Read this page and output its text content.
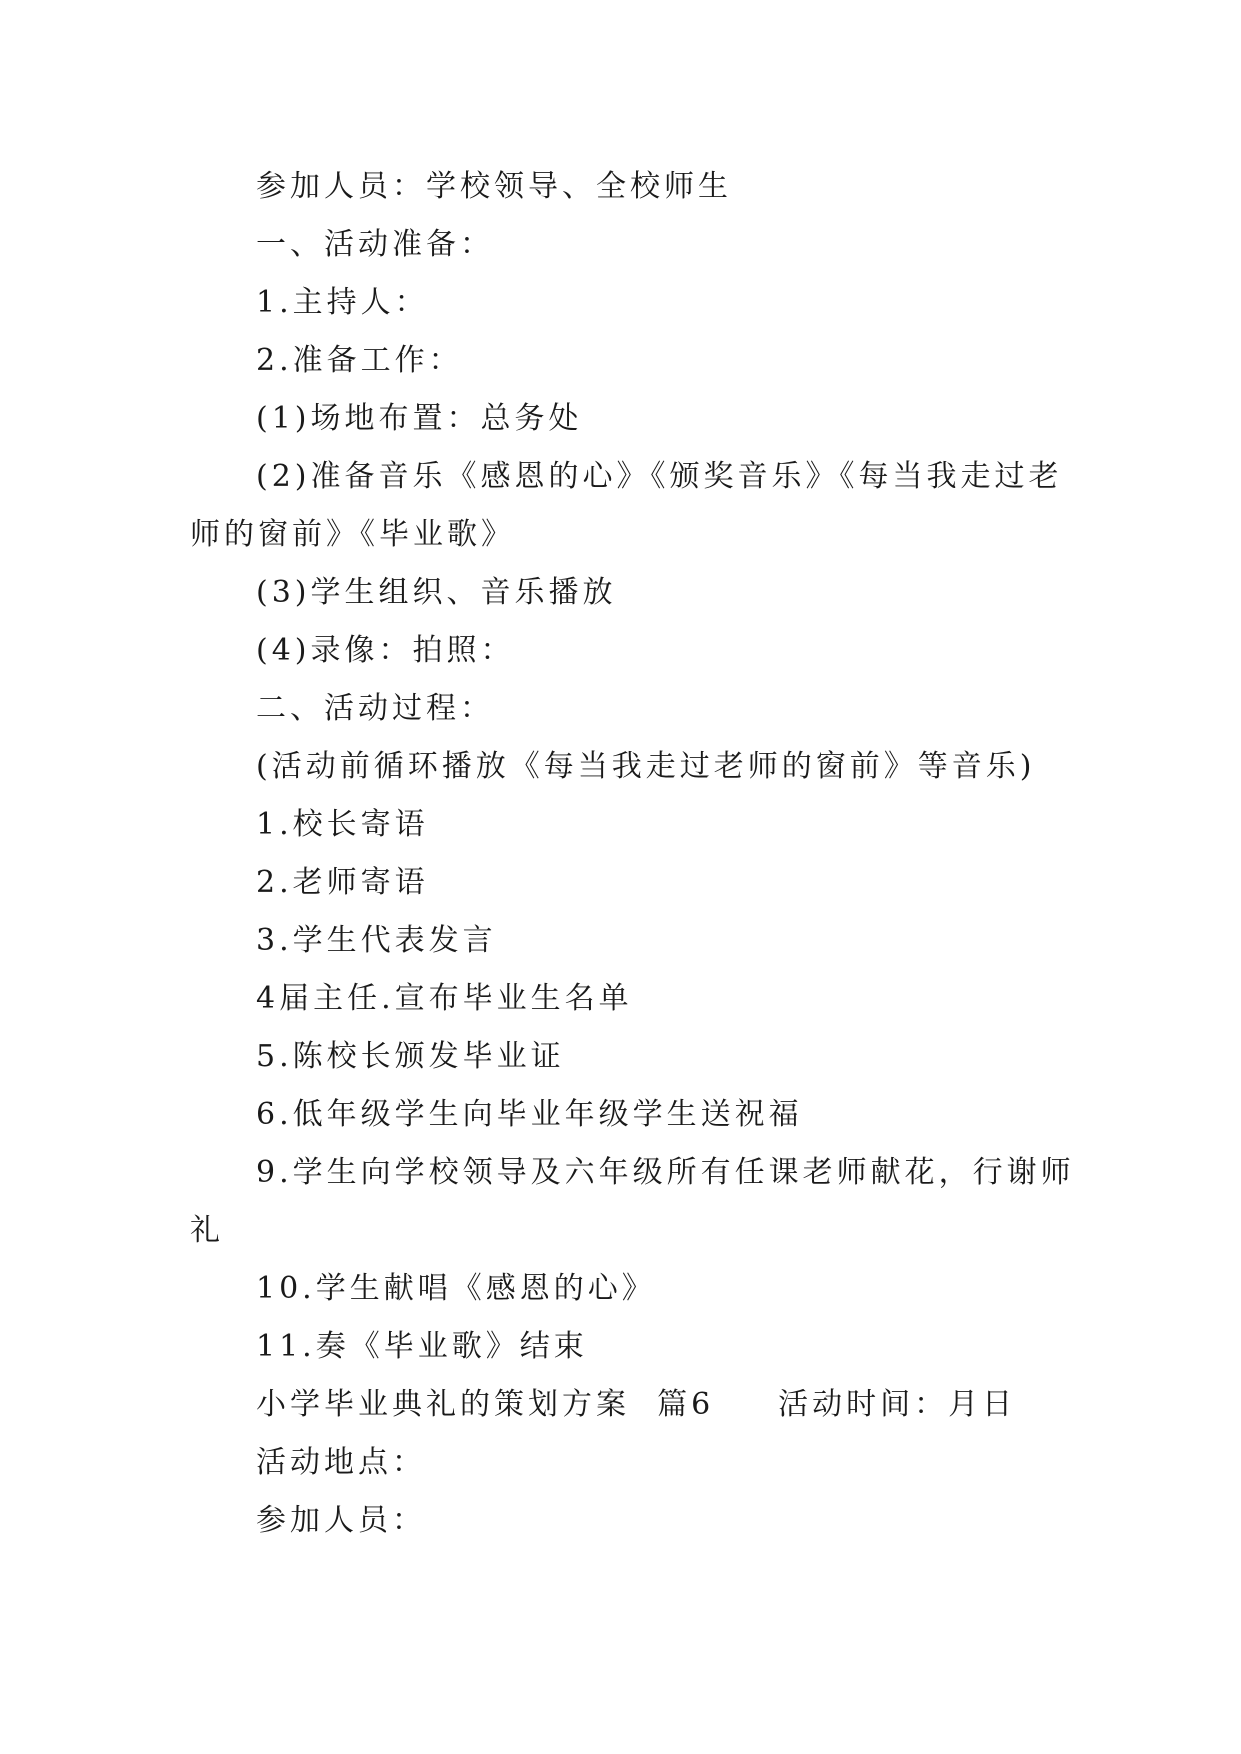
参加人员：学校领导、全校师生

一、活动准备：

1.主持人：

2.准备工作：

(1)场地布置：总务处

(2)准备音乐《感恩的心》《颁奖音乐》《每当我走过老

师的窗前》《毕业歌》

(3)学生组织、音乐播放

(4)录像：拍照：

二、活动过程：

(活动前循环播放《每当我走过老师的窗前》等音乐)

1.校长寄语

2.老师寄语

3.学生代表发言

4届主任.宣布毕业生名单

5.陈校长颁发毕业证

6.低年级学生向毕业年级学生送祝福

9.学生向学校领导及六年级所有任课老师献花，行谢师

礼

10.学生献唱《感恩的心》

11.奏《毕业歌》结束

小学毕业典礼的策划方案  篇6 活动时间：月日

活动地点：

参加人员：
